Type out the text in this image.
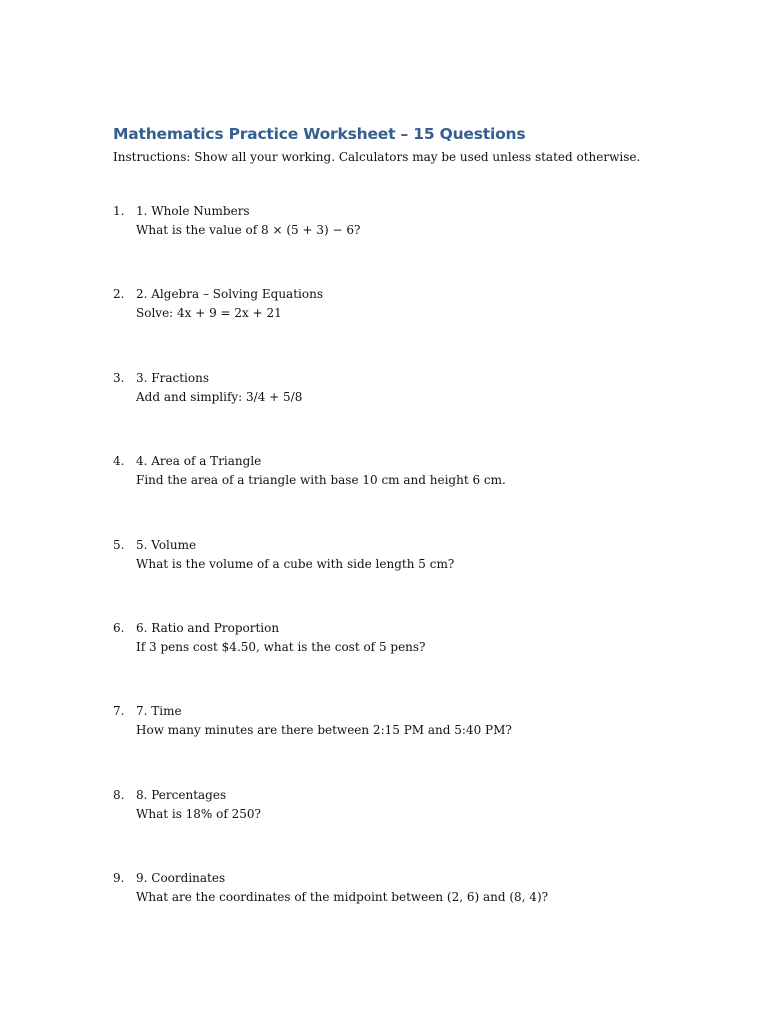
Mathematics Practice Worksheet – 15 Questions
Instructions: Show all your working. Calculators may be used unless stated otherwise.
1. 1. Whole Numbers
What is the value of 8 × (5 + 3) − 6?
2. 2. Algebra – Solving Equations
Solve: 4x + 9 = 2x + 21
3. 3. Fractions
Add and simplify: 3/4 + 5/8
4. 4. Area of a Triangle
Find the area of a triangle with base 10 cm and height 6 cm.
5. 5. Volume
What is the volume of a cube with side length 5 cm?
6. 6. Ratio and Proportion
If 3 pens cost $4.50, what is the cost of 5 pens?
7. 7. Time
How many minutes are there between 2:15 PM and 5:40 PM?
8. 8. Percentages
What is 18% of 250?
9. 9. Coordinates
What are the coordinates of the midpoint between (2, 6) and (8, 4)?
